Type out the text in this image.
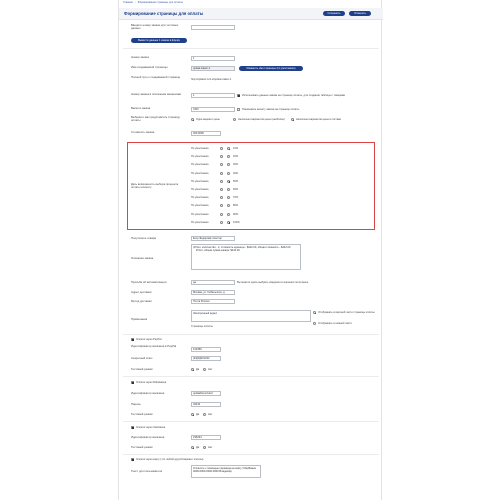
Главная › Формирование страницы для оплаты
Формирование страницы для оплаты	Сохранить	Отменить
Введите номер заказа для тестовых данных
Вывести данные 1 заказа в форму
Номер заказа	1
Имя создаваемой страницы	oplata-zakaz-1	Изменить имя страницы (по умолчанию)
Полный путь к создаваемой странице
http://oplata1.ru/1-2/oplata-zakaz-1
Номер заказа в платежном механизме	1	Использовать данные заказа на странице оплаты, для создания таблицы с товарами
Валюта заказа	USD	Показывать валюту заказа на странице оплаты
Выберите как представлять страницу оплаты	Один вариант цены	Несколько вариантов цены (наиболее)	Несколько вариантов цены в составе
Стоимость заказа	300.0000
Дать возможность выбора процента оплаты клиенту
По умолчанию	10%
По умолчанию	20%
По умолчанию	30%
По умолчанию	40%
По умолчанию	50%
По умолчанию	60%
По умолчанию	70%
По умолчанию	80%
По умолчанию	90%
По умолчанию	100%
Получатель товара	Егор Федорович Нестор
Описание заказа
(Итого, количество - 2, стоимость единицы - $242.00, общая стоимость - $242.00
Итого, общая сумма заказа: $242.00
Просьба об автоматизации	да	Вы можете здесь выбрать сведения в значении поля выше
Адрес доставки	Москва, ул. Кибальчича, д.
Метод доставки	Почта России
Примечания
Электронный адрес	Отображать в верхней части страницы оплаты
Отображать в нижней части
Страницы оплаты
Оплата через PayPal
Идентификатор магазина в PayPal
123456
Секретный ключ	pbkjhljkhl1234
Тестовый режим	Да	Нет
Оплата через Robokassa
Идентификатор магазина	oplataDemoCard
Пароль	32434
Тестовый режим	Да	Нет
Оплата через Interkassa
Идентификатор магазина	236234
Тестовый режим	Да	Нет
Оплата через карту (что любой другой вариант оплаты)
Текст для пользователя
Оплатить с помощью перевода на карту СберБанка 0000-0000-0000-0000 Владимир
